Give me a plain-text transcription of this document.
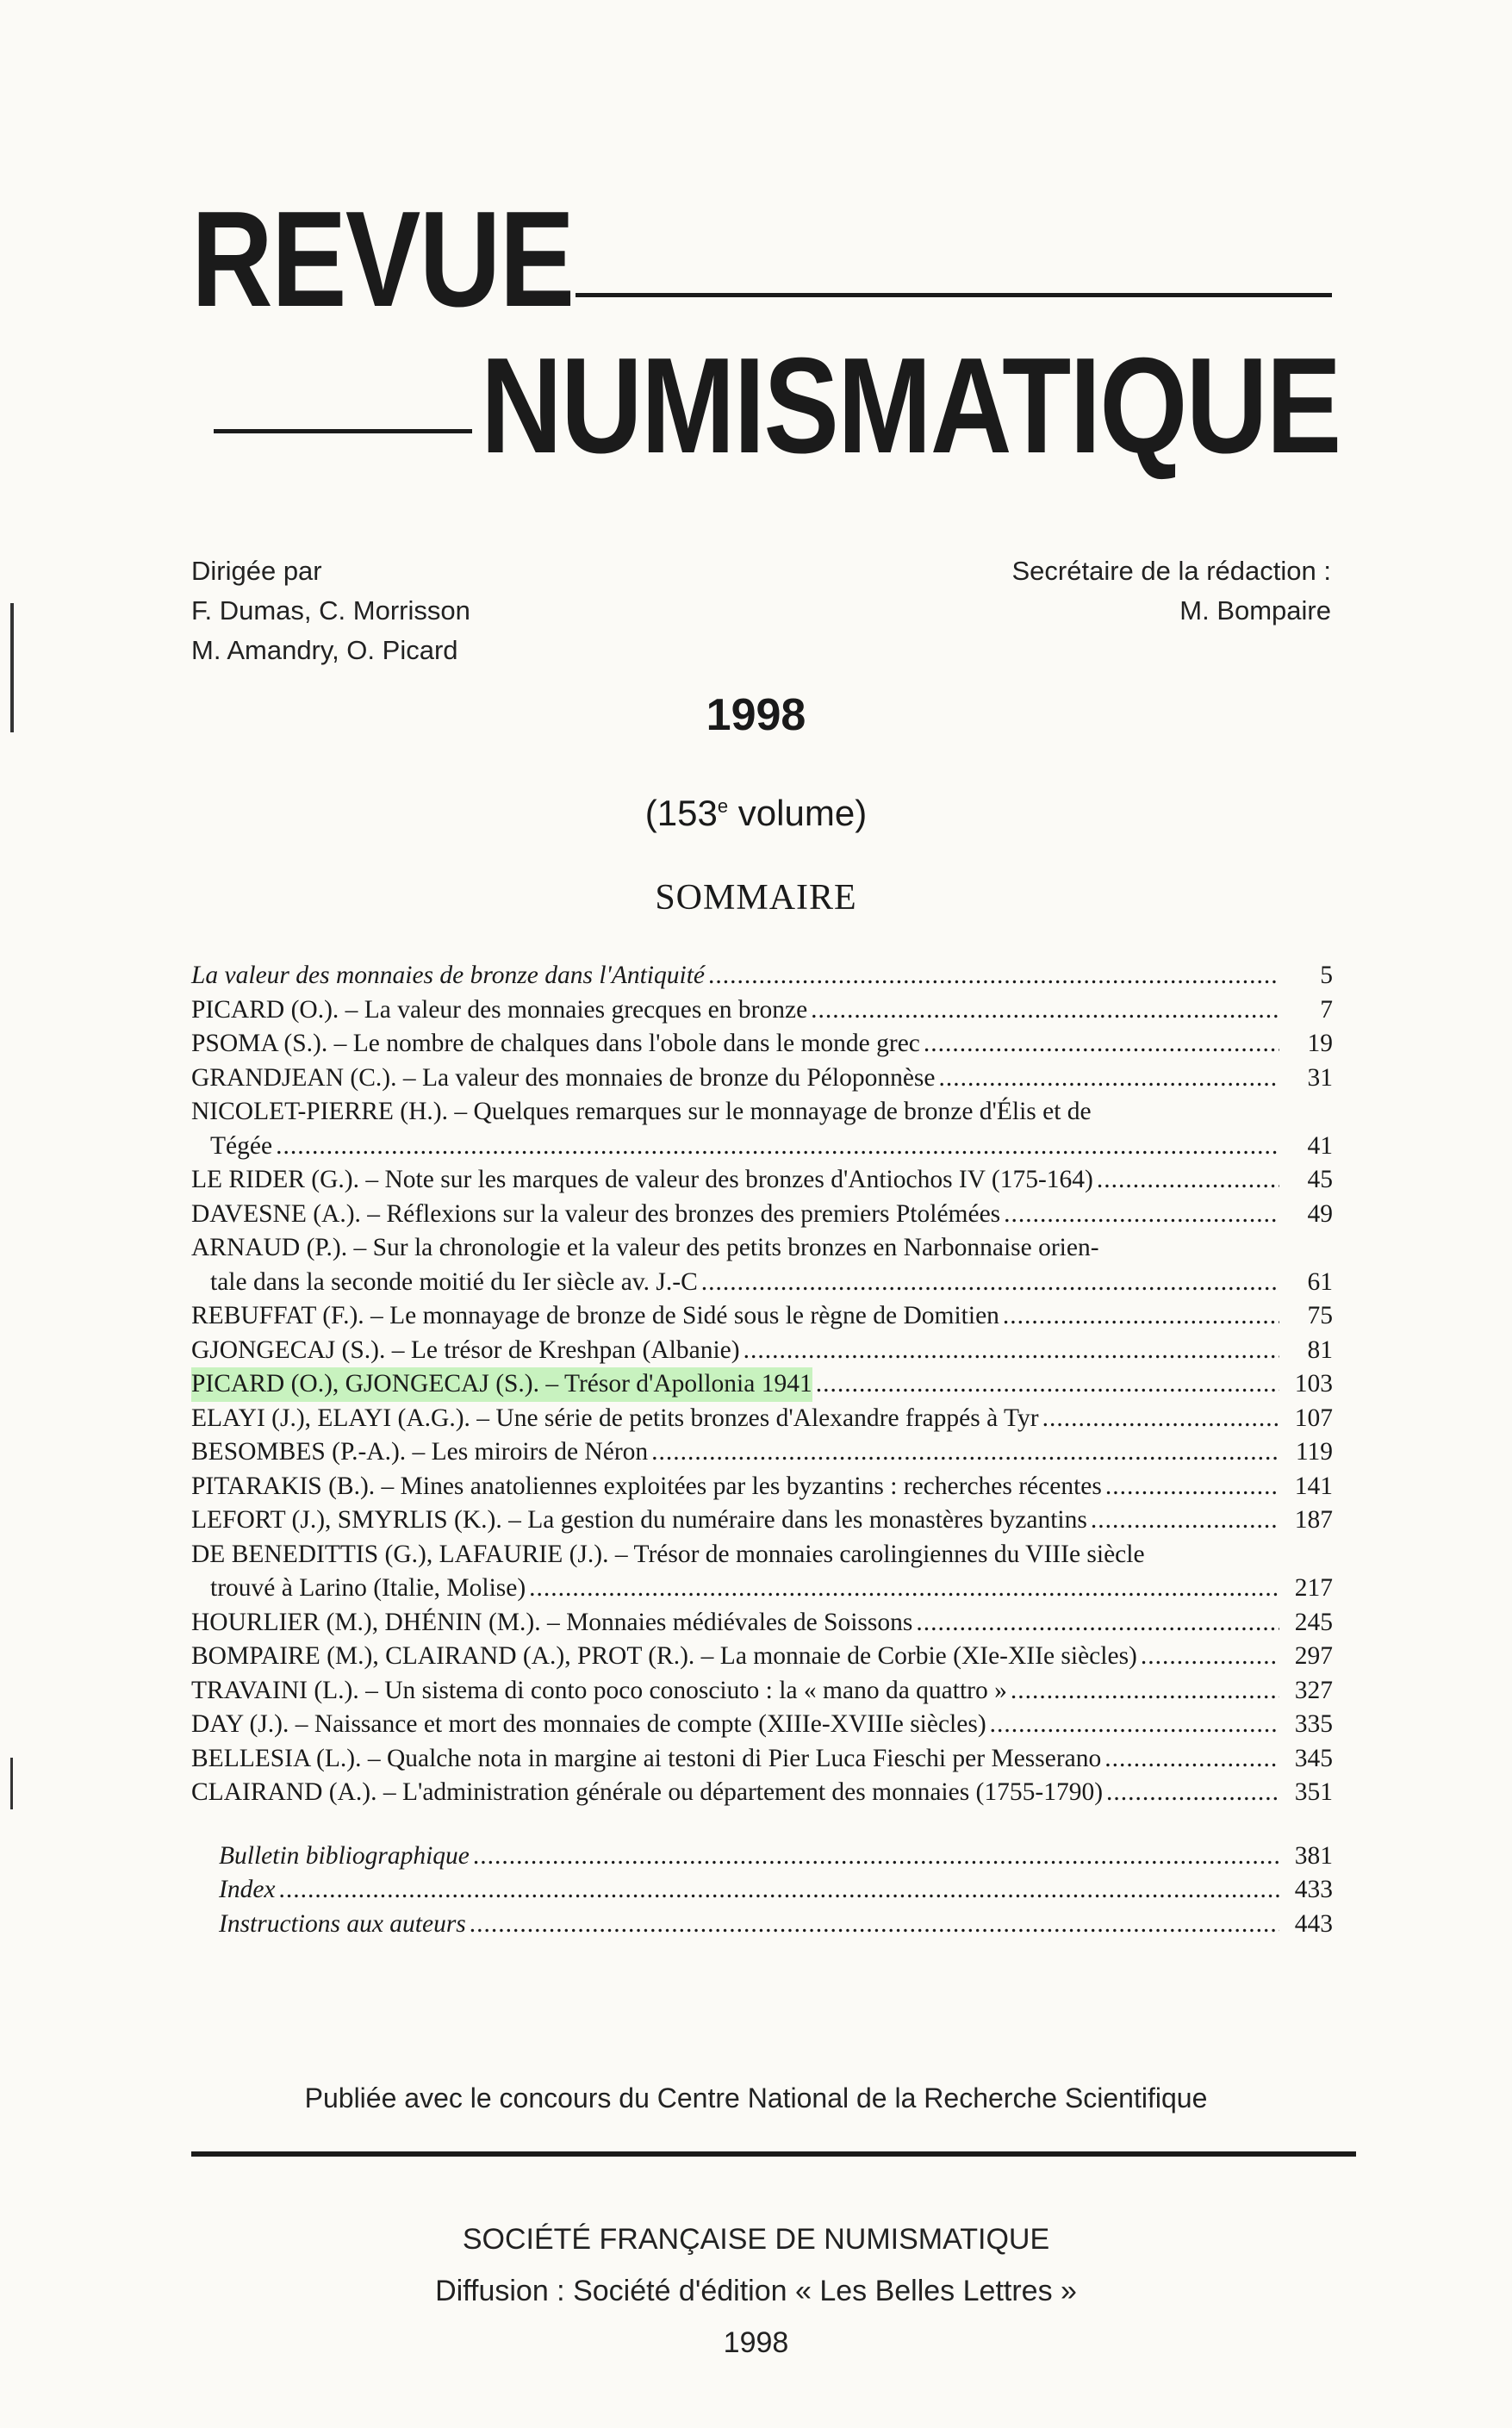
REVUE
NUMISMATIQUE
Dirigée par
F. Dumas, C. Morrisson
M. Amandry, O. Picard
Secrétaire de la rédaction :
M. Bompaire
1998
(153e volume)
SOMMAIRE
La valeur des monnaies de bronze dans l'Antiquité .....	5
PICARD (O.). – La valeur des monnaies grecques en bronze .....	7
PSOMA (S.). – Le nombre de chalques dans l'obole dans le monde grec .....	19
GRANDJEAN (C.). – La valeur des monnaies de bronze du Péloponnèse .....	31
NICOLET-PIERRE (H.). – Quelques remarques sur le monnayage de bronze d'Élis et de
Tégée .....	41
LE RIDER (G.). – Note sur les marques de valeur des bronzes d'Antiochos IV (175-164) .....	45
DAVESNE (A.). – Réflexions sur la valeur des bronzes des premiers Ptolémées .....	49
ARNAUD (P.). – Sur la chronologie et la valeur des petits bronzes en Narbonnaise orien-
tale dans la seconde moitié du Ier siècle av. J.-C .....	61
REBUFFAT (F.). – Le monnayage de bronze de Sidé sous le règne de Domitien .....	75
GJONGECAJ (S.). – Le trésor de Kreshpan (Albanie) .....	81
PICARD (O.), GJONGECAJ (S.). – Trésor d'Apollonia 1941 .....	103
ELAYI (J.), ELAYI (A.G.). – Une série de petits bronzes d'Alexandre frappés à Tyr .....	107
BESOMBES (P.-A.). – Les miroirs de Néron .....	119
PITARAKIS (B.). – Mines anatoliennes exploitées par les byzantins : recherches récentes .....	141
LEFORT (J.), SMYRLIS (K.). – La gestion du numéraire dans les monastères byzantins .....	187
DE BENEDITTIS (G.), LAFAURIE (J.). – Trésor de monnaies carolingiennes du VIIIe siècle
trouvé à Larino (Italie, Molise) .....	217
HOURLIER (M.), DHÉNIN (M.). – Monnaies médiévales de Soissons .....	245
BOMPAIRE (M.), CLAIRAND (A.), PROT (R.). – La monnaie de Corbie (XIe-XIIe siècles) .....	297
TRAVAINI (L.). – Un sistema di conto poco conosciuto : la « mano da quattro » .....	327
DAY (J.). – Naissance et mort des monnaies de compte (XIIIe-XVIIIe siècles) .....	335
BELLESIA (L.). – Qualche nota in margine ai testoni di Pier Luca Fieschi per Messerano .....	345
CLAIRAND (A.). – L'administration générale ou département des monnaies (1755-1790) .....	351
Bulletin bibliographique .....	381
Index .....	433
Instructions aux auteurs .....	443
Publiée avec le concours du Centre National de la Recherche Scientifique
SOCIÉTÉ FRANÇAISE DE NUMISMATIQUE
Diffusion : Société d'édition « Les Belles Lettres »
1998
